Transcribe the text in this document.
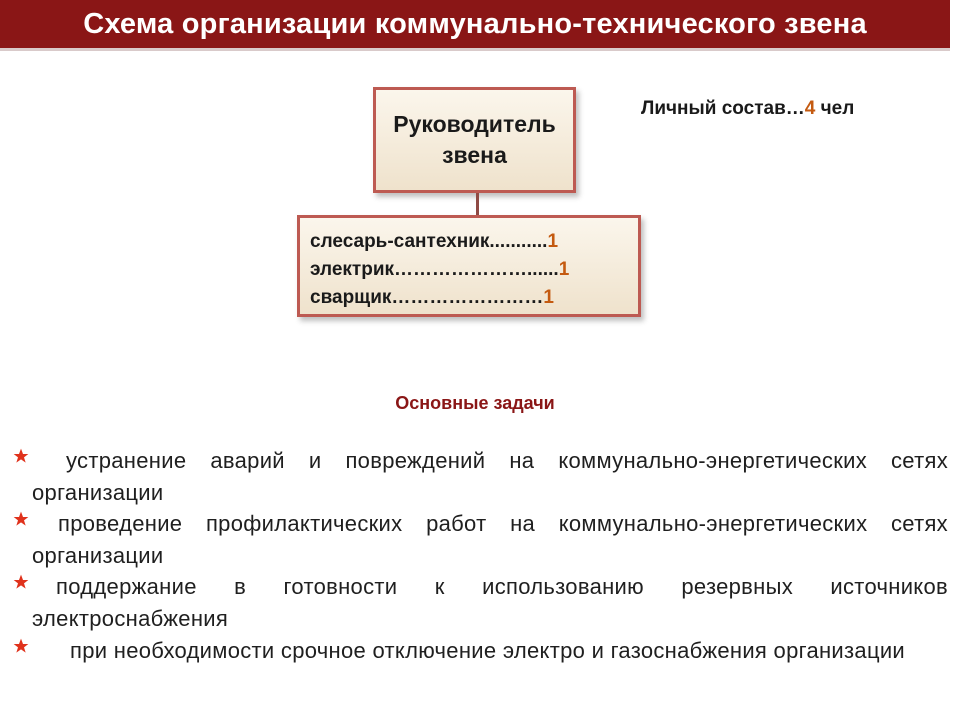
Схема организации коммунально-технического звена
Руководитель звена
слесарь-сантехник...........1
электрик…………………......1
сварщик……………………1
Личный состав…4 чел
Основные задачи
устранение аварий и повреждений на коммунально-энергетических сетях организации
проведение профилактических работ на коммунально-энергетических сетях организации
поддержание в готовности к использованию резервных источников электроснабжения
при необходимости срочное отключение электро и газоснабжения организации
